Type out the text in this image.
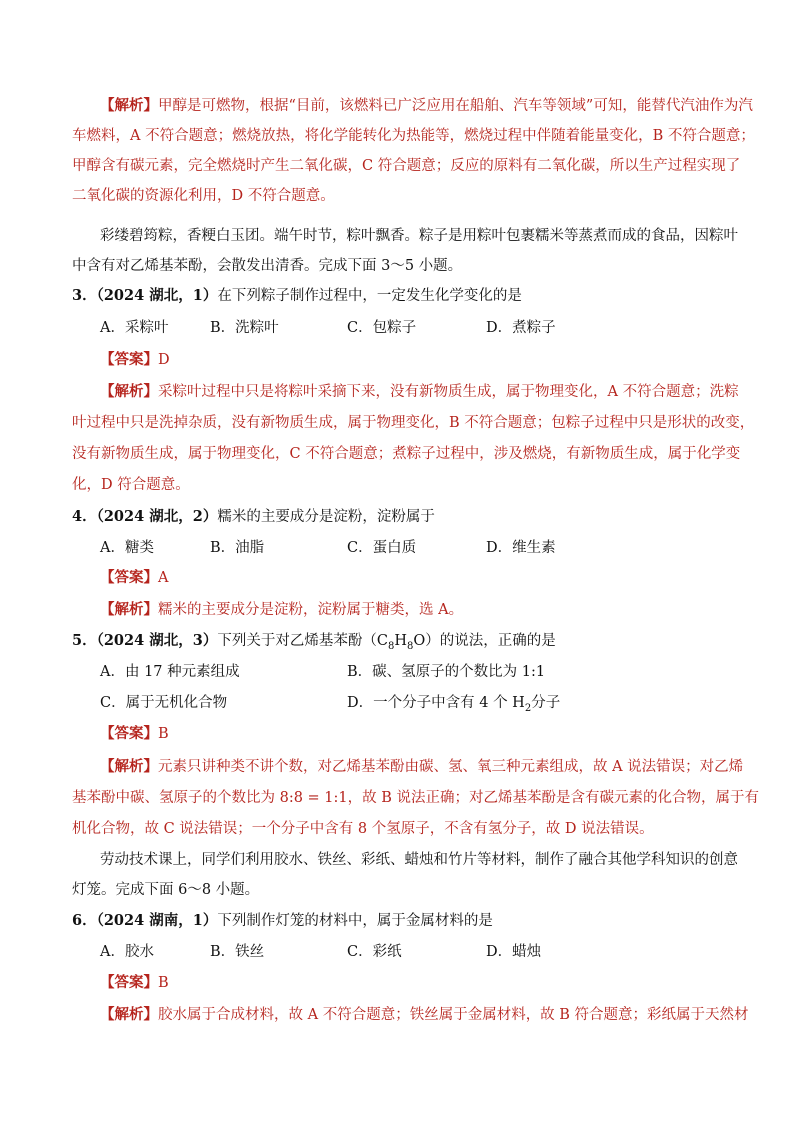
【解析】甲醇是可燃物，根据“目前，该燃料已广泛应用在船舶、汽车等领域”可知，能替代汽油作为汽
车燃料，A 不符合题意；燃烧放热，将化学能转化为热能等，燃烧过程中伴随着能量变化，B 不符合题意；
甲醇含有碳元素，完全燃烧时产生二氧化碳，C 符合题意；反应的原料有二氧化碳，所以生产过程实现了
二氧化碳的资源化利用，D 不符合题意。
彩缕碧筠粽，香粳白玉团。端午时节，粽叶飘香。粽子是用粽叶包裹糯米等蒸煮而成的食品，因粽叶
中含有对乙烯基苯酚，会散发出清香。完成下面 3～5 小题。
3．（2024 湖北，1）在下列粽子制作过程中，一定发生化学变化的是
A．采粽叶	B．洗粽叶	C．包粽子	D．煮粽子
【答案】D
【解析】采粽叶过程中只是将粽叶采摘下来，没有新物质生成，属于物理变化，A 不符合题意；洗粽
叶过程中只是洗掉杂质，没有新物质生成，属于物理变化，B 不符合题意；包粽子过程中只是形状的改变，
没有新物质生成，属于物理变化，C 不符合题意；煮粽子过程中，涉及燃烧，有新物质生成，属于化学变
化，D 符合题意。
4．（2024 湖北，2）糯米的主要成分是淀粉，淀粉属于
A．糖类	B．油脂	C．蛋白质	D．维生素
【答案】A
【解析】糯米的主要成分是淀粉，淀粉属于糖类，选 A。
5．（2024 湖北，3）下列关于对乙烯基苯酚$(C_8H_8O)$的说法，正确的是
A．由 17 种元素组成	B．碳、氢原子的个数比为 1:1
C．属于无机化合物	D．一个分子中含有 4 个 $H_2$分子
【答案】B
【解析】元素只讲种类不讲个数，对乙烯基苯酚由碳、氢、氧三种元素组成，故 A 说法错误；对乙烯
基苯酚中碳、氢原子的个数比为 8:8 = 1:1，故 B 说法正确；对乙烯基苯酚是含有碳元素的化合物，属于有
机化合物，故 C 说法错误；一个分子中含有 8 个氢原子，不含有氢分子，故 D 说法错误。
劳动技术课上，同学们利用胶水、铁丝、彩纸、蜡烛和竹片等材料，制作了融合其他学科知识的创意
灯笼。完成下面 6～8 小题。
6．（2024 湖南，1）下列制作灯笼的材料中，属于金属材料的是
A．胶水	B．铁丝	C．彩纸	D．蜡烛
【答案】B
【解析】胶水属于合成材料，故 A 不符合题意；铁丝属于金属材料，故 B 符合题意；彩纸属于天然材
